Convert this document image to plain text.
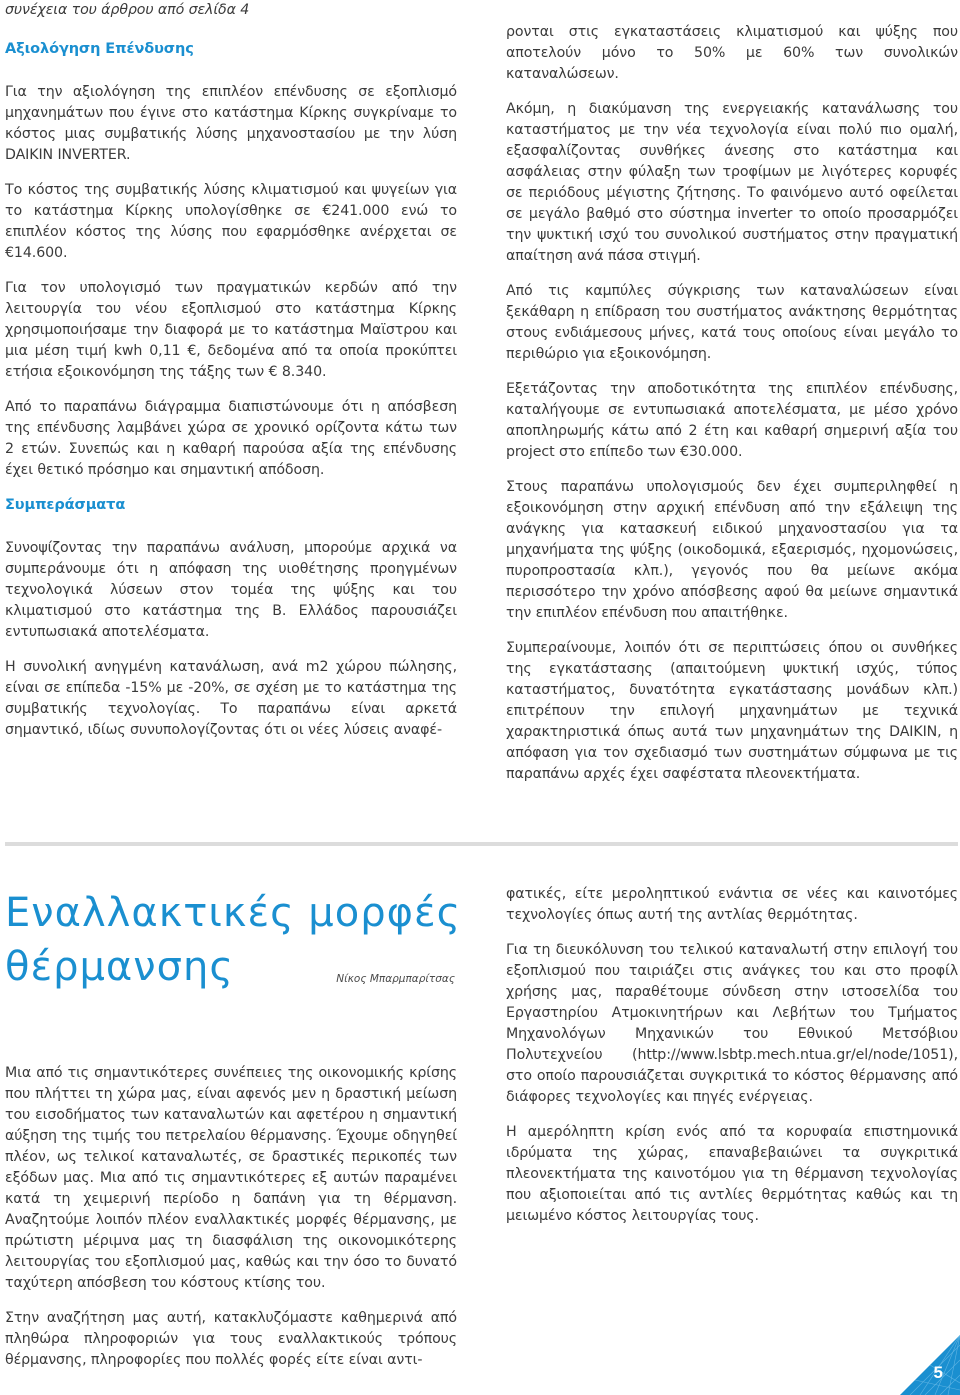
συνέχεια του άρθρου από σελίδα 4

Αξιολόγηση Επένδυσης

Για την αξιολόγηση της επιπλέον επένδυσης σε εξοπλισμό μηχανημάτων που έγινε στο κατάστημα Κίρκης συγκρίναμε το κόστος μιας συμβατικής λύσης μηχανοστασίου με την λύση DAIKIN INVERTER.

Το κόστος της συμβατικής λύσης κλιματισμού και ψυγείων για το κατάστημα Κίρκης υπολογίσθηκε σε €241.000 ενώ το επιπλέον κόστος της λύσης που εφαρμόσθηκε ανέρχεται σε €14.600.

Για τον υπολογισμό των πραγματικών κερδών από την λειτουργία του νέου εξοπλισμού στο κατάστημα Κίρκης χρησιμοποιήσαμε την διαφορά με το κατάστημα Μαϊστρου και μια μέση τιμή kwh 0,11 €, δεδομένα από τα οποία προκύπτει ετήσια εξοικονόμηση της τάξης των € 8.340.

Από το παραπάνω διάγραμμα διαπιστώνουμε ότι η απόσβεση της επένδυσης λαμβάνει χώρα σε χρονικό ορίζοντα κάτω των 2 ετών. Συνεπώς και η καθαρή παρούσα αξία της επένδυσης έχει θετικό πρόσημο και σημαντική απόδοση.

Συμπεράσματα

Συνοψίζοντας την παραπάνω ανάλυση, μπορούμε αρχικά να συμπεράνουμε ότι η απόφαση της υιοθέτησης προηγμένων τεχνολογικά λύσεων στον τομέα της ψύξης και του κλιματισμού στο κατάστημα της Β. Ελλάδος παρουσιάζει εντυπωσιακά αποτελέσματα.

Η συνολική ανηγμένη κατανάλωση, ανά m2 χώρου πώλησης, είναι σε επίπεδα -15% με -20%, σε σχέση με το κατάστημα της συμβατικής τεχνολογίας. Το παραπάνω είναι αρκετά σημαντικό, ιδίως συνυπολογίζοντας ότι οι νέες λύσεις αναφέ-

ρονται στις εγκαταστάσεις κλιματισμού και ψύξης που αποτελούν μόνο το 50% με 60% των συνολικών καταναλώσεων.

Ακόμη, η διακύμανση της ενεργειακής κατανάλωσης του καταστήματος με την νέα τεχνολογία είναι πολύ πιο ομαλή, εξασφαλίζοντας συνθήκες άνεσης στο κατάστημα και ασφάλειας στην φύλαξη των τροφίμων με λιγότερες κορυφές σε περιόδους μέγιστης ζήτησης. Το φαινόμενο αυτό οφείλεται σε μεγάλο βαθμό στο σύστημα inverter το οποίο προσαρμόζει την ψυκτική ισχύ του συνολικού συστήματος στην πραγματική απαίτηση ανά πάσα στιγμή.

Από τις καμπύλες σύγκρισης των καταναλώσεων είναι ξεκάθαρη η επίδραση του συστήματος ανάκτησης θερμότητας στους ενδιάμεσους μήνες, κατά τους οποίους είναι μεγάλο το περιθώριο για εξοικονόμηση.

Εξετάζοντας την αποδοτικότητα της επιπλέον επένδυσης, καταλήγουμε σε εντυπωσιακά αποτελέσματα, με μέσο χρόνο αποπληρωμής κάτω από 2 έτη και καθαρή σημερινή αξία του project στο επίπεδο των €30.000.

Στους παραπάνω υπολογισμούς δεν έχει συμπεριληφθεί η εξοικονόμηση στην αρχική επένδυση από την εξάλειψη της ανάγκης για κατασκευή ειδικού μηχανοστασίου για τα μηχανήματα της ψύξης (οικοδομικά, εξαερισμός, ηχομονώσεις, πυροπροστασία κλπ.), γεγονός που θα μείωνε ακόμα περισσότερο την χρόνο απόσβεσης αφού θα μείωνε σημαντικά την επιπλέον επένδυση που απαιτήθηκε.

Συμπεραίνουμε, λοιπόν ότι σε περιπτώσεις όπου οι συνθήκες της εγκατάστασης (απαιτούμενη ψυκτική ισχύς, τύπος καταστήματος, δυνατότητα εγκατάστασης μονάδων κλπ.) επιτρέπουν την επιλογή μηχανημάτων με τεχνικά χαρακτηριστικά όπως αυτά των μηχανημάτων της DAIKIN, η απόφαση για τον σχεδιασμό των συστημάτων σύμφωνα με τις παραπάνω αρχές έχει σαφέστατα πλεονεκτήματα.

Εναλλακτικές μορφές
θέρμανσης	Νίκος Μπαρμπαρίτσας

Μια από τις σημαντικότερες συνέπειες της οικονομικής κρίσης που πλήττει τη χώρα μας, είναι αφενός μεν η δραστική μείωση του εισοδήματος των καταναλωτών και αφετέρου η σημαντική αύξηση της τιμής του πετρελαίου θέρμανσης. Έχουμε οδηγηθεί πλέον, ως τελικοί καταναλωτές, σε δραστικές περικοπές των εξόδων μας. Μια από τις σημαντικότερες εξ αυτών παραμένει κατά τη χειμερινή περίοδο η δαπάνη για τη θέρμανση. Αναζητούμε λοιπόν πλέον εναλλακτικές μορφές θέρμανσης, με πρώτιστη μέριμνα μας τη διασφάλιση της οικονομικότερης λειτουργίας του εξοπλισμού μας, καθώς και την όσο το δυνατό ταχύτερη απόσβεση του κόστους κτίσης του.

Στην αναζήτηση μας αυτή, κατακλυζόμαστε καθημερινά από πληθώρα πληροφοριών για τους εναλλακτικούς τρόπους θέρμανσης, πληροφορίες που πολλές φορές είτε είναι αντι-

φατικές, είτε μεροληπτικού ενάντια σε νέες και καινοτόμες τεχνολογίες όπως αυτή της αντλίας θερμότητας.

Για τη διευκόλυνση του τελικού καταναλωτή στην επιλογή του εξοπλισμού που ταιριάζει στις ανάγκες του και στο προφίλ χρήσης μας, παραθέτουμε σύνδεση στην ιστοσελίδα του Εργαστηρίου Ατμοκινητήρων και Λεβήτων του Τμήματος Μηχανολόγων Μηχανικών του Εθνικού Μετσόβιου Πολυτεχνείου (http://www.lsbtp.mech.ntua.gr/el/node/1051), στο οποίο παρουσιάζεται συγκριτικά το κόστος θέρμανσης από διάφορες τεχνολογίες και πηγές ενέργειας.

Η αμερόληπτη κρίση ενός από τα κορυφαία επιστημονικά ιδρύματα της χώρας, επαναβεβαιώνει τα συγκριτικά πλεονεκτήματα της καινοτόμου για τη θέρμανση τεχνολογίας που αξιοποιείται από τις αντλίες θερμότητας καθώς και τη μειωμένο κόστος λειτουργίας τους.

5
